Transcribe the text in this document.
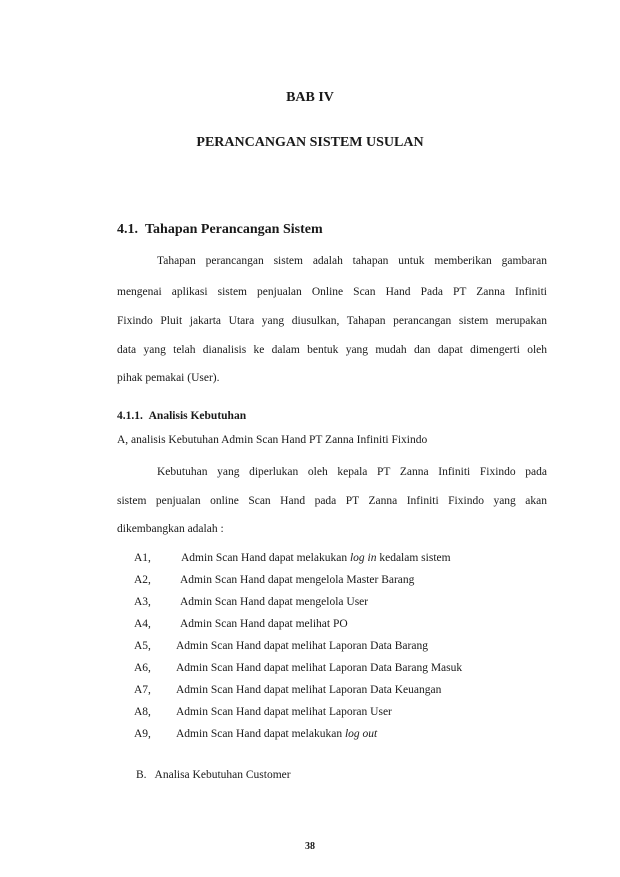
BAB IV
PERANCANGAN SISTEM USULAN
4.1. Tahapan Perancangan Sistem
Tahapan perancangan sistem adalah tahapan untuk memberikan gambaran
mengenai aplikasi sistem penjualan Online Scan Hand Pada PT Zanna Infiniti
Fixindo Pluit jakarta Utara yang diusulkan, Tahapan perancangan sistem merupakan
data yang telah dianalisis ke dalam bentuk yang mudah dan dapat dimengerti oleh
pihak pemakai (User).
4.1.1. Analisis Kebutuhan
A, analisis Kebutuhan Admin Scan Hand PT Zanna Infiniti Fixindo
Kebutuhan yang diperlukan oleh kepala PT Zanna Infiniti Fixindo pada
sistem penjualan online Scan Hand pada PT Zanna Infiniti Fixindo yang akan
dikembangkan adalah :
A1,	Admin Scan Hand dapat melakukan log in kedalam sistem
A2,	Admin Scan Hand dapat mengelola Master Barang
A3,	Admin Scan Hand dapat mengelola User
A4,	Admin Scan Hand dapat melihat PO
A5, Admin Scan Hand dapat melihat Laporan Data Barang
A6, Admin Scan Hand dapat melihat Laporan Data Barang Masuk
A7, Admin Scan Hand dapat melihat Laporan Data Keuangan
A8, Admin Scan Hand dapat melihat Laporan User
A9, Admin Scan Hand dapat melakukan log out
B.   Analisa Kebutuhan Customer
38
